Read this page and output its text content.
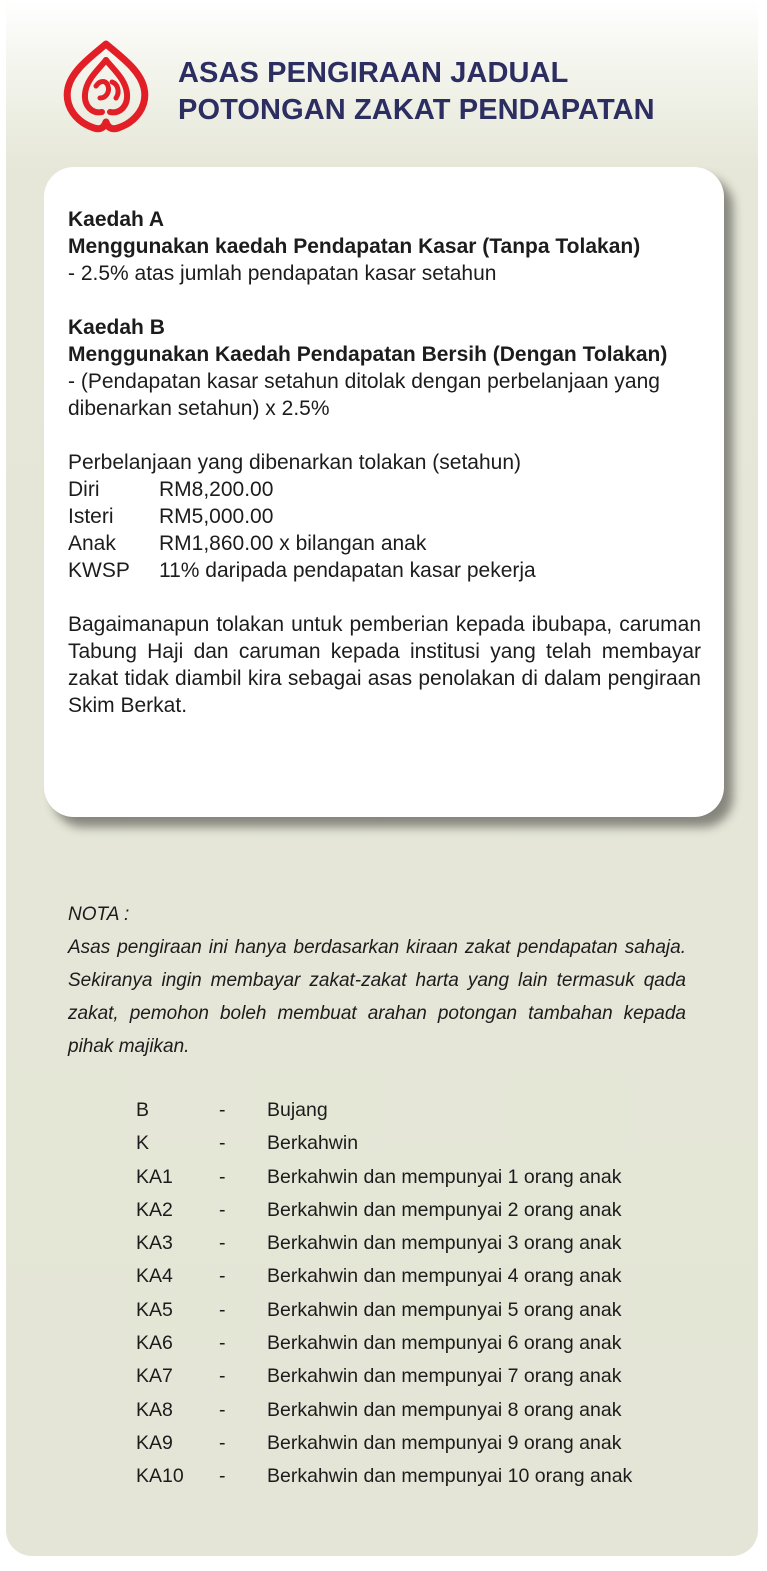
ASAS PENGIRAAN JADUAL
POTONGAN ZAKAT PENDAPATAN

Kaedah A

Menggunakan kaedah Pendapatan Kasar (Tanpa Tolakan)

- 2.5% atas jumlah pendapatan kasar setahun

Kaedah B

Menggunakan Kaedah Pendapatan Bersih (Dengan Tolakan)

- (Pendapatan kasar setahun ditolak dengan perbelanjaan yang dibenarkan setahun) x 2.5%

Perbelanjaan yang dibenarkan tolakan (setahun)

Diri	RM8,200.00
Isteri	RM5,000.00
Anak	RM1,860.00 x bilangan anak
KWSP	11% daripada pendapatan kasar pekerja

Bagaimanapun tolakan untuk pemberian kepada ibubapa, caruman Tabung Haji dan caruman kepada institusi yang telah membayar zakat tidak diambil kira sebagai asas penolakan di dalam pengiraan Skim Berkat.

NOTA :

Asas pengiraan ini hanya berdasarkan kiraan zakat pendapatan sahaja. Sekiranya ingin membayar zakat-zakat harta yang lain termasuk qada zakat, pemohon boleh membuat arahan potongan tambahan kepada pihak majikan.

B	-	Bujang
K	-	Berkahwin
KA1	-	Berkahwin dan mempunyai 1 orang anak
KA2	-	Berkahwin dan mempunyai 2 orang anak
KA3	-	Berkahwin dan mempunyai 3 orang anak
KA4	-	Berkahwin dan mempunyai 4 orang anak
KA5	-	Berkahwin dan mempunyai 5 orang anak
KA6	-	Berkahwin dan mempunyai 6 orang anak
KA7	-	Berkahwin dan mempunyai 7 orang anak
KA8	-	Berkahwin dan mempunyai 8 orang anak
KA9	-	Berkahwin dan mempunyai 9 orang anak
KA10	-	Berkahwin dan mempunyai 10 orang anak
